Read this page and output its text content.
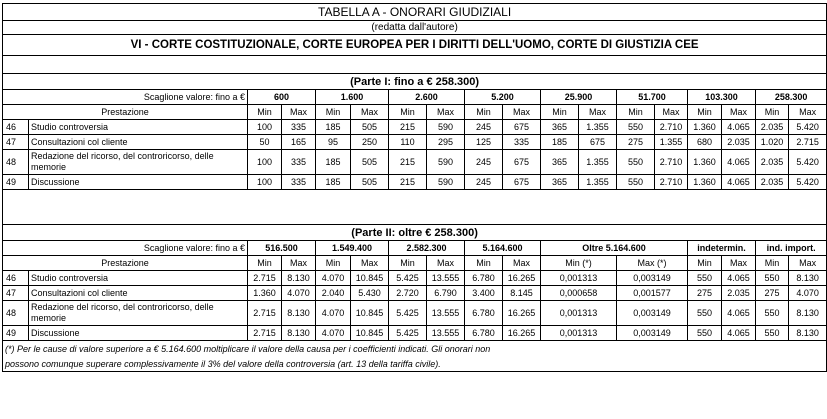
TABELLA A - ONORARI GIUDIZIALI																	
(redatta dall'autore)																	
VI - CORTE COSTITUZIONALE, CORTE EUROPEA PER I DIRITTI DELL'UOMO, CORTE DI GIUSTIZIA CEE																	

(Parte I: fino a € 258.300)																	
Scaglione valore: fino a €		600		1.600		2.600		5.200		25.900		51.700		103.300		258.300	
Prestazione		Min	Max	Min	Max	Min	Max	Min	Max	Min	Max	Min	Max	Min	Max	Min	Max
46	Studio controversia	100	335	185	505	215	590	245	675	365	1.355	550	2.710	1.360	4.065	2.035	5.420
47	Consultazioni col cliente	50	165	95	250	110	295	125	335	185	675	275	1.355	680	2.035	1.020	2.715
48	Redazione del ricorso, del controricorso, delle memorie	100	335	185	505	215	590	245	675	365	1.355	550	2.710	1.360	4.065	2.035	5.420
49	Discussione	100	335	185	505	215	590	245	675	365	1.355	550	2.710	1.360	4.065	2.035	5.420

(Parte II: oltre € 258.300)																	
Scaglione valore: fino a €		516.500		1.549.400		2.582.300		5.164.600		Oltre 5.164.600				indetermin.		ind. import.	
Prestazione		Min	Max	Min	Max	Min	Max	Min	Max	Min (*)		Max (*)		Min	Max	Min	Max
46	Studio controversia	2.715	8.130	4.070	10.845	5.425	13.555	6.780	16.265	0,001313		0,003149		550	4.065	550	8.130
47	Consultazioni col cliente	1.360	4.070	2.040	5.430	2.720	6.790	3.400	8.145	0,000658		0,001577		275	2.035	275	4.070
48	Redazione del ricorso, del controricorso, delle memorie	2.715	8.130	4.070	10.845	5.425	13.555	6.780	16.265	0,001313		0,003149		550	4.065	550	8.130
49	Discussione	2.715	8.130	4.070	10.845	5.425	13.555	6.780	16.265	0,001313		0,003149		550	4.065	550	8.130
(*) Per le cause di valore superiore a € 5.164.600 moltiplicare il valore della causa per i coefficienti indicati. Gli onorari non																	
possono comunque superare complessivamente il 3% del valore della controversia (art. 13 della tariffa civile).																	
